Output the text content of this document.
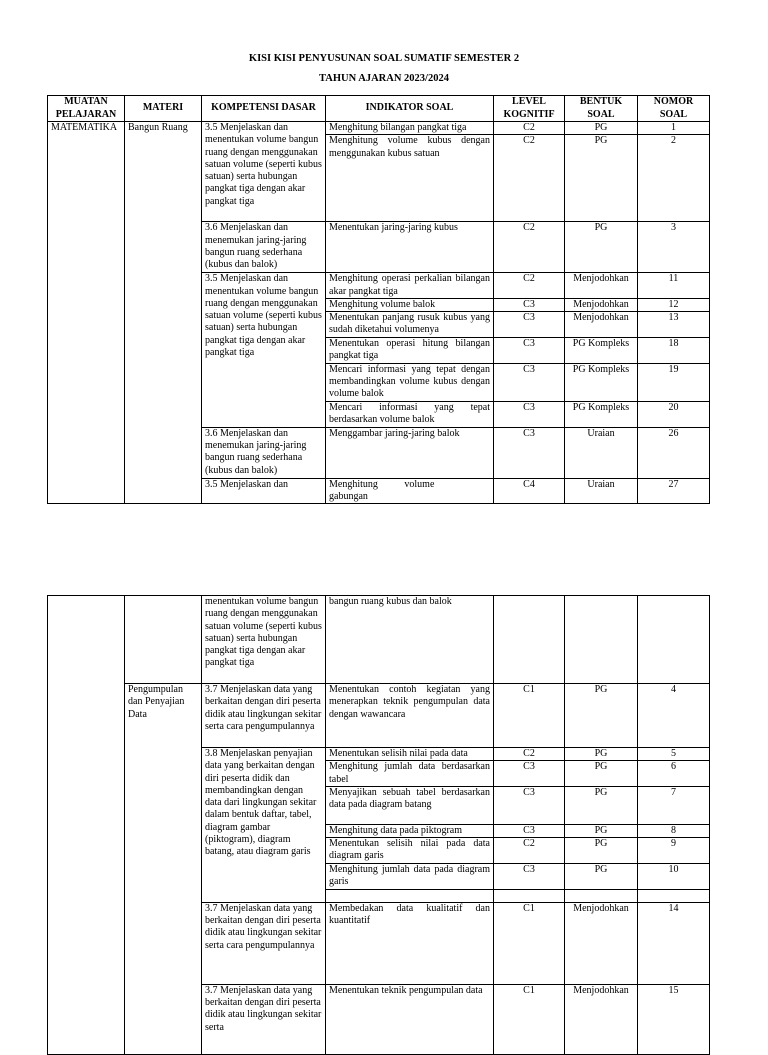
KISI KISI PENYUSUNAN SOAL SUMATIF SEMESTER 2
TAHUN AJARAN 2023/2024
MUATAN PELAJARAN	MATERI	KOMPETENSI DASAR	INDIKATOR SOAL	LEVEL KOGNITIF	BENTUK SOAL	NOMOR SOAL
MATEMATIKA	Bangun Ruang	3.5 Menjelaskan dan menentukan volume bangun ruang dengan menggunakan satuan volume (seperti kubus satuan) serta hubungan pangkat tiga dengan akar pangkat tiga	Menghitung bilangan pangkat tiga	C2	PG	1
			Menghitung volume kubus dengan menggunakan kubus satuan	C2	PG	2
		3.6 Menjelaskan dan menemukan jaring-jaring bangun ruang sederhana (kubus dan balok)	Menentukan jaring-jaring kubus	C2	PG	3
		3.5 Menjelaskan dan menentukan volume bangun ruang dengan menggunakan satuan volume (seperti kubus satuan) serta hubungan pangkat tiga dengan akar pangkat tiga	Menghitung operasi perkalian bilangan akar pangkat tiga	C2	Menjodohkan	11
			Menghitung volume balok	C3	Menjodohkan	12
			Menentukan panjang rusuk kubus yang sudah diketahui volumenya	C3	Menjodohkan	13
			Menentukan operasi hitung bilangan pangkat tiga	C3	PG Kompleks	18
			Mencari informasi yang tepat dengan membandingkan volume kubus dengan volume balok	C3	PG Kompleks	19
			Mencari informasi yang tepat berdasarkan volume balok	C3	PG Kompleks	20
		3.6 Menjelaskan dan menemukan jaring-jaring bangun ruang sederhana (kubus dan balok)	Menggambar jaring-jaring balok	C3	Uraian	26
		3.5 Menjelaskan dan	Menghitung volume gabungan	C4	Uraian	27
		menentukan volume bangun ruang dengan menggunakan satuan volume (seperti kubus satuan) serta hubungan pangkat tiga dengan akar pangkat tiga	bangun ruang kubus dan balok			
	Pengumpulan dan Penyajian Data	3.7 Menjelaskan data yang berkaitan dengan diri peserta didik atau lingkungan sekitar serta cara pengumpulannya	Menentukan contoh kegiatan yang menerapkan teknik pengumpulan data dengan wawancara	C1	PG	4
		3.8 Menjelaskan penyajian data yang berkaitan dengan diri peserta didik dan membandingkan dengan data dari lingkungan sekitar dalam bentuk daftar, tabel, diagram gambar (piktogram), diagram batang, atau diagram garis	Menentukan selisih nilai pada data	C2	PG	5
			Menghitung jumlah data berdasarkan tabel	C3	PG	6
			Menyajikan sebuah tabel berdasarkan data pada diagram batang	C3	PG	7
			Menghitung data pada piktogram	C3	PG	8
			Menentukan selisih nilai pada data diagram garis	C2	PG	9
			Menghitung jumlah data pada diagram garis	C3	PG	10

		3.7 Menjelaskan data yang berkaitan dengan diri peserta didik atau lingkungan sekitar serta cara pengumpulannya	Membedakan data kualitatif dan kuantitatif	C1	Menjodohkan	14
		3.7 Menjelaskan data yang berkaitan dengan diri peserta didik atau lingkungan sekitar serta	Menentukan teknik pengumpulan data	C1	Menjodohkan	15
